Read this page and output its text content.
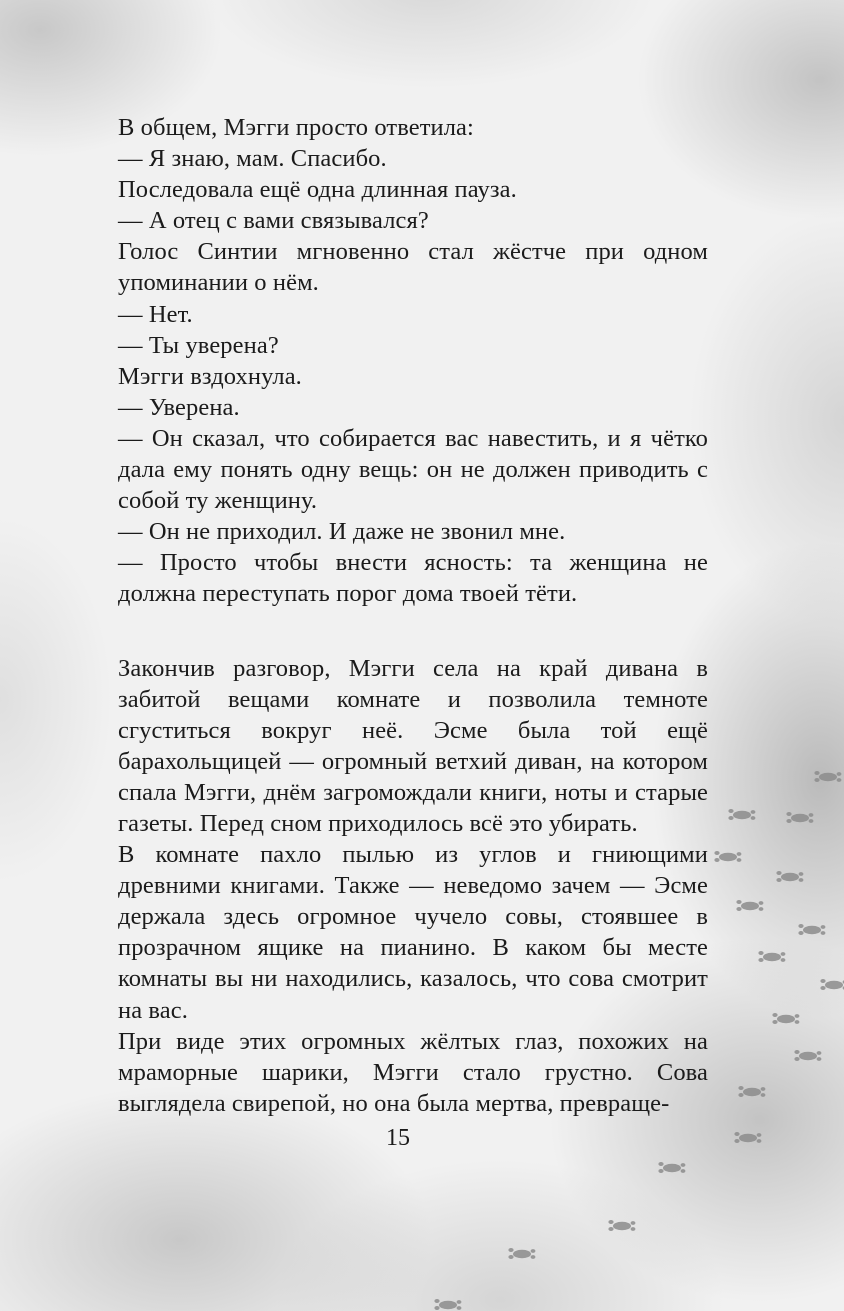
В общем, Мэгги просто ответила:

— Я знаю, мам. Спасибо.

Последовала ещё одна длинная пауза.

— А отец с вами связывался?

Голос Синтии мгновенно стал жёстче при одном упоминании о нём.

— Нет.

— Ты уверена?

Мэгги вздохнула.

— Уверена.

— Он сказал, что собирается вас навестить, и я чётко дала ему понять одну вещь: он не должен приводить с собой ту женщину.

— Он не приходил. И даже не звонил мне.

— Просто чтобы внести ясность: та женщина не должна переступать порог дома твоей тёти.

Закончив разговор, Мэгги села на край дивана в забитой вещами комнате и позволила темноте сгуститься вокруг неё. Эсме была той ещё барахольщицей — огромный ветхий диван, на котором спала Мэгги, днём загромождали книги, ноты и старые газеты. Перед сном приходилось всё это убирать.

В комнате пахло пылью из углов и гниющими древними книгами. Также — неведомо зачем — Эсме держала здесь огромное чучело совы, стоявшее в прозрачном ящике на пианино. В каком бы месте комнаты вы ни находились, казалось, что сова смотрит на вас.

При виде этих огромных жёлтых глаз, похожих на мраморные шарики, Мэгги стало грустно. Сова выглядела свирепой, но она была мертва, превраще-

15
